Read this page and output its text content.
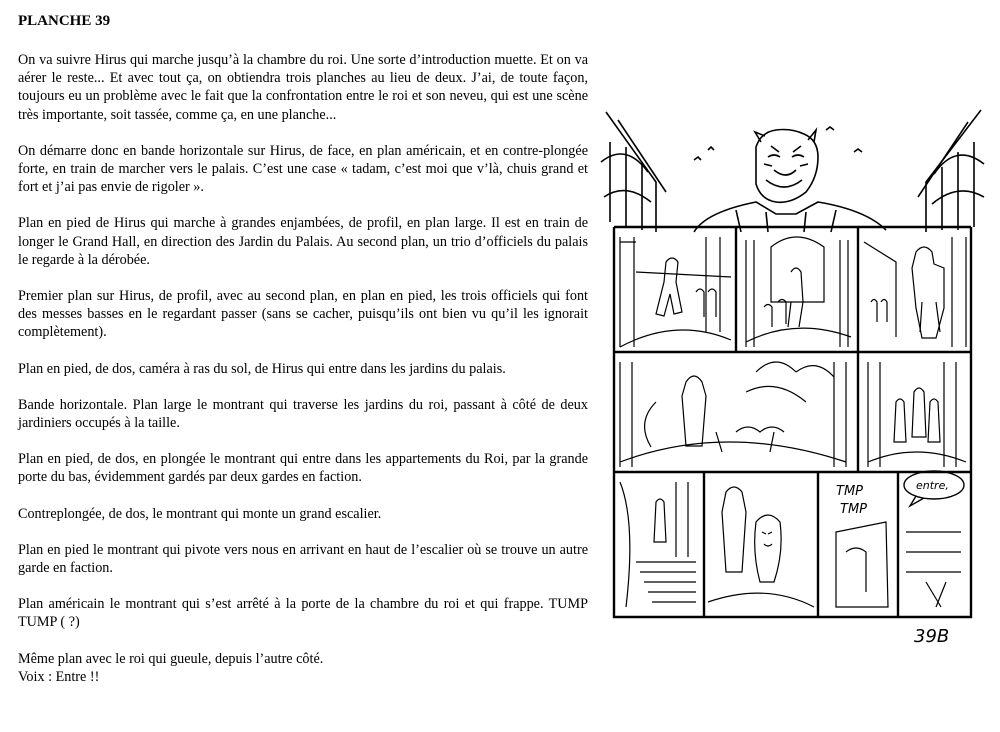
PLANCHE 39

On va suivre Hirus qui marche jusqu’à la chambre du roi. Une sorte d’introduction muette. Et on va aérer le reste... Et avec tout ça, on obtiendra trois planches au lieu de deux. J’ai, de toute façon, toujours eu un problème avec le fait que la confrontation entre le roi et son neveu, qui est une scène très importante, soit tassée, comme ça, en une planche...

On démarre donc en bande horizontale sur Hirus, de face, en plan américain, et en contre-plongée forte, en train de marcher vers le palais. C’est une case « tadam, c’est moi que v’là, chuis grand et fort et j’ai pas envie de rigoler ».

Plan en pied de Hirus qui marche à grandes enjambées, de profil, en plan large. Il est en train de longer le Grand Hall, en direction des Jardin du Palais. Au second plan, un trio d’officiels du palais le regarde à la dérobée.

Premier plan sur Hirus, de profil, avec au second plan, en plan en pied, les trois officiels qui font des messes basses en le regardant passer (sans se cacher, puisqu’ils ont bien vu qu’il les ignorait complètement).

Plan en pied, de dos, caméra à ras du sol, de Hirus qui entre dans les jardins du palais.

Bande horizontale. Plan large le montrant qui traverse les jardins du roi, passant à côté de deux jardiniers occupés à la taille.

Plan en pied, de dos, en plongée le montrant qui entre dans les appartements du Roi, par la grande porte du bas, évidemment gardés par deux gardes en faction.

Contreplongée, de dos, le montrant qui monte un grand escalier.

Plan en pied le montrant qui pivote vers nous en arrivant en haut de l’escalier où se trouve un autre garde en faction.

Plan américain le montrant qui s’est arrêté à la porte de la chambre du roi et qui frappe. TUMP TUMP ( ?)

Même plan avec le roi qui gueule, depuis l’autre côté.
Voix : Entre !!

TMP
TMP
entre,
39B
